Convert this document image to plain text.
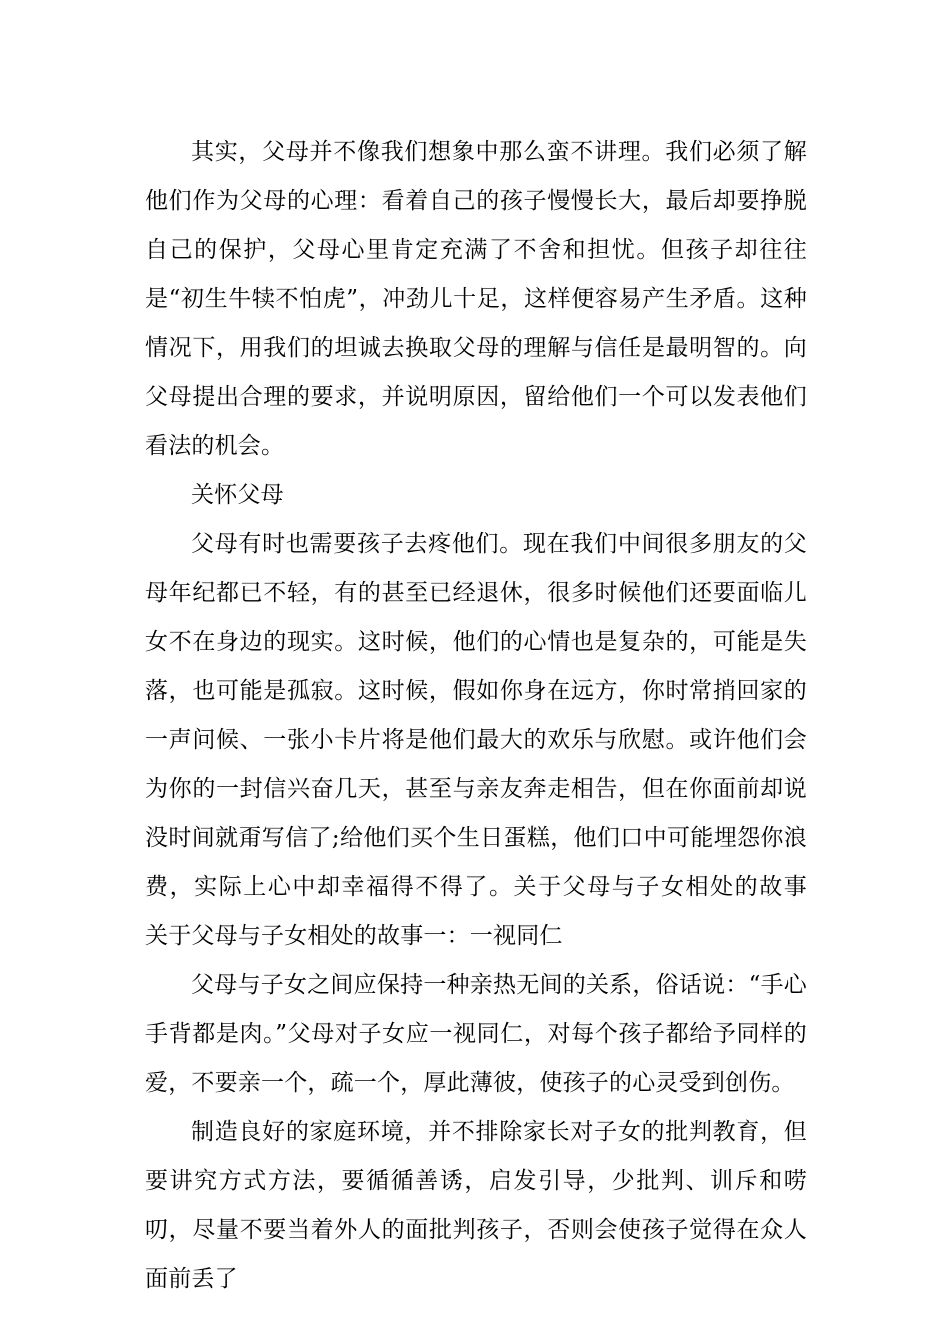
其实，父母并不像我们想象中那么蛮不讲理。我们必须了解他们作为父母的心理：看着自己的孩子慢慢长大，最后却要挣脱自己的保护，父母心里肯定充满了不舍和担忧。但孩子却往往是“初生牛犊不怕虎”，冲劲儿十足，这样便容易产生矛盾。这种情况下，用我们的坦诚去换取父母的理解与信任是最明智的。向父母提出合理的要求，并说明原因，留给他们一个可以发表他们看法的机会。

关怀父母

父母有时也需要孩子去疼他们。现在我们中间很多朋友的父母年纪都已不轻，有的甚至已经退休，很多时候他们还要面临儿女不在身边的现实。这时候，他们的心情也是复杂的，可能是失落，也可能是孤寂。这时候，假如你身在远方，你时常捎回家的一声问候、一张小卡片将是他们最大的欢乐与欣慰。或许他们会为你的一封信兴奋几天，甚至与亲友奔走相告，但在你面前却说没时间就甭写信了;给他们买个生日蛋糕，他们口中可能埋怨你浪费，实际上心中却幸福得不得了。关于父母与子女相处的故事　　关于父母与子女相处的故事一：一视同仁

父母与子女之间应保持一种亲热无间的关系，俗话说：“手心手背都是肉。”父母对子女应一视同仁，对每个孩子都给予同样的爱，不要亲一个，疏一个，厚此薄彼，使孩子的心灵受到创伤。

制造良好的家庭环境，并不排除家长对子女的批判教育，但要讲究方式方法，要循循善诱，启发引导，少批判、训斥和唠叨，尽量不要当着外人的面批判孩子，否则会使孩子觉得在众人面前丢了
